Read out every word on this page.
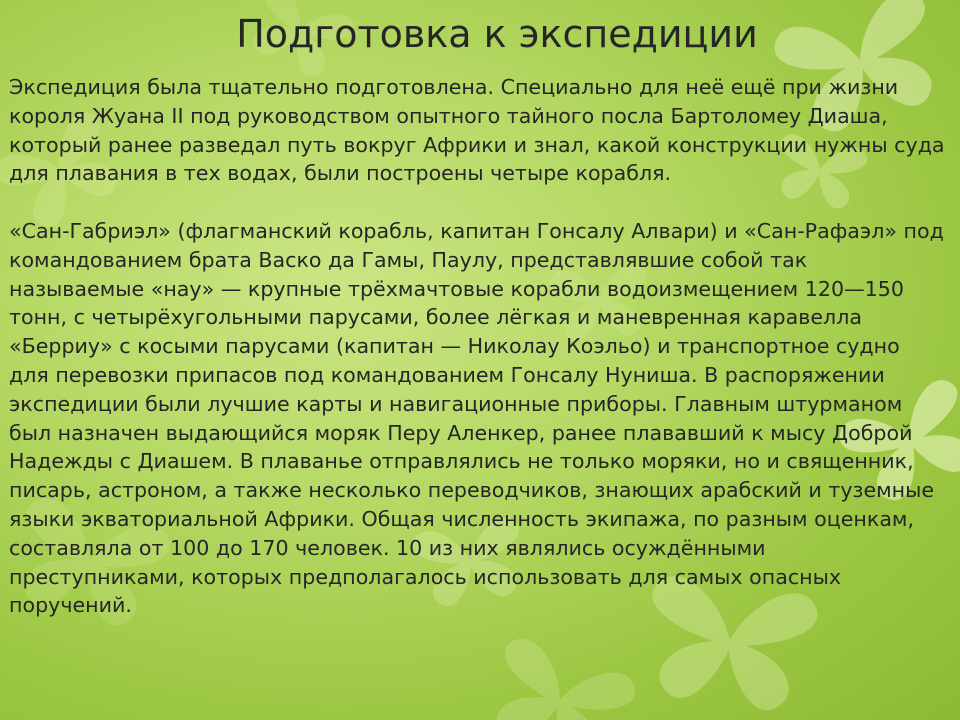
Подготовка к экспедиции

Экспедиция была тщательно подготовлена. Специально для неё ещё при жизни короля Жуана II под руководством опытного тайного посла Бартоломеу Диаша, который ранее разведал путь вокруг Африки и знал, какой конструкции нужны суда для плавания в тех водах, были построены четыре корабля.

«Сан-Габриэл» (флагманский корабль, капитан Гонсалу Алвари) и «Сан-Рафаэл» под командованием брата Васко да Гамы, Паулу, представлявшие собой так называемые «нау» — крупные трёхмачтовые корабли водоизмещением 120—150 тонн, с четырёхугольными парусами, более лёгкая и маневренная каравелла «Берриу» с косыми парусами (капитан — Николау Коэльо) и транспортное судно для перевозки припасов под командованием Гонсалу Нуниша. В распоряжении экспедиции были лучшие карты и навигационные приборы. Главным штурманом был назначен выдающийся моряк Перу Аленкер, ранее плававший к мысу Доброй Надежды с Диашем. В плаванье отправлялись не только моряки, но и священник, писарь, астроном, а также несколько переводчиков, знающих арабский и туземные языки экваториальной Африки. Общая численность экипажа, по разным оценкам, составляла от 100 до 170 человек. 10 из них являлись осуждёнными преступниками, которых предполагалось использовать для самых опасных поручений.
